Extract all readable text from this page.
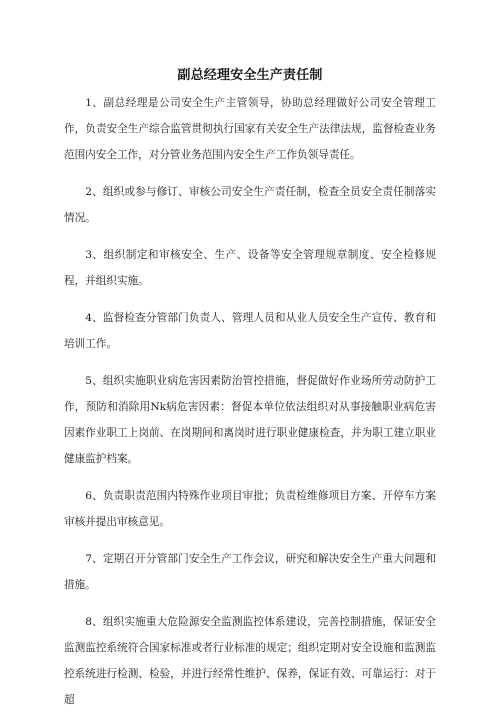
副总经理安全生产责任制

1、副总经理是公司安全生产主管领导，协助总经理做好公司安全管理工作，负责安全生产综合监管贯彻执行国家有关安全生产法律法规，监督检查业务范围内安全工作，对分管业务范围内安全生产工作负领导责任。

2、组织或参与修订、审核公司安全生产责任制，检查全员安全责任制落实情况。

3、组织制定和审核安全、生产、设备等安全管理规章制度、安全检修规程，并组织实施。

4、监督检查分管部门负责人、管理人员和从业人员安全生产宣传、教育和培训工作。

5、组织实施职业病危害因素防治管控措施，督促做好作业场所劳动防护工作，预防和消除用Nk病危害因素：督促本单位依法组织对从事接触职业病危害因素作业职工上岗前、在岗期间和离岗时进行职业健康检查，并为职工建立职业健康监护档案。

6、负责职责范围内特殊作业项目审批；负责检维修项目方案、开停车方案审核并提出审核意见。

7、定期召开分管部门安全生产工作会议，研究和解决安全生产重大问题和措施。

8、组织实施重大危险源安全监测监控体系建设，完善控制措施，保证安全监测监控系统符合国家标准或者行业标准的规定；组织定期对安全设施和监测监控系统进行检测、检验，并进行经常性维护、保养，保证有效、可靠运行：对于超
